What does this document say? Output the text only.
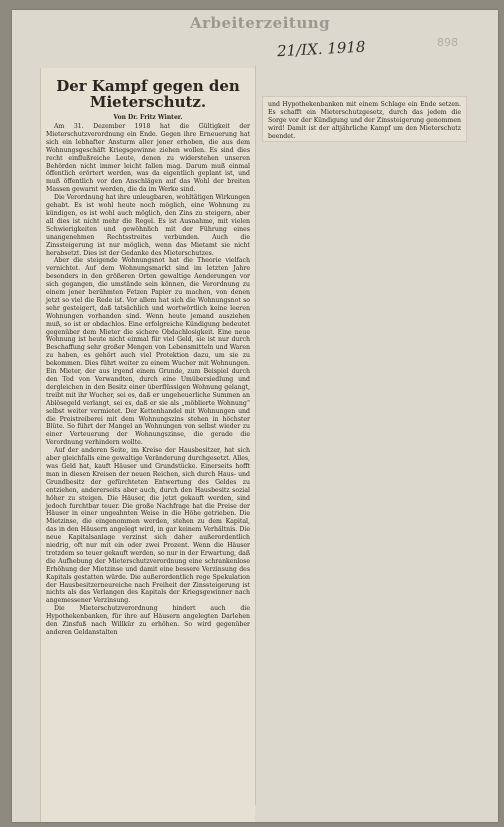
Arbeiterzeitung
21/IX. 1918	898
Der Kampf gegen den
Mieterschutz.
Von Dr. Fritz Winter.

Am 31. Dezember 1918 hat die Gültigkeit der Mieterschutzverordnung ein Ende. Gegen ihre Erneuerung hat sich ein lebhafter Ansturm aller jener erhoben, die aus dem Wohnungsgeschäft Kriegsgewinne ziehen wollen. Es sind dies recht einflußreiche Leute, denen zu widerstehen unseren Behörden nicht immer leicht fallen mag. Darum muß einmal öffentlich erörtert werden, was da eigentlich geplant ist, und muß öffentlich vor den Anschlägen auf das Wohl der breiten Massen gewarnt werden, die da im Werke sind.

Die Verordnung hat ihre unleugbaren, wohltätigen Wirkungen gehabt. Es ist wohl heute noch möglich, eine Wohnung zu kündigen, es ist wohl auch möglich, den Zins zu steigern, aber all dies ist nicht mehr die Regel. Es ist Ausnahme, mit vielen Schwierigkeiten und gewöhnlich mit der Führung eines unangenehmen Rechtsstreites verbunden. Auch die Zinssteigerung ist nur möglich, wenn das Mietamt sie nicht herabsetzt. Dies ist der Gedanke des Mieterschutzes.

Aber die steigende Wohnungsnot hat die Theorie vielfach vernichtet. Auf dem Wohnungsmarkt sind im letzten Jahre besonders in den größeren Orten gewaltige Aenderungen vor sich gegangen, die umstände sein können, die Verordnung zu einem jener berühmten Fetzen Papier zu machen, von denen jetzt so viel die Rede ist. Vor allem hat sich die Wohnungsnot so sehr gesteigert, daß tatsächlich und wortwörtlich keine leeren Wohnungen vorhanden sind. Wenn heute jemand ausziehen muß, so ist er obdachlos. Eine erfolgreiche Kündigung bedeutet gegenüber dem Mieter die sichere Obdachlosigkeit. Eine neue Wohnung ist heute nicht einmal für viel Geld, sie ist nur durch Beschaffung sehr großer Mengen von Lebensmitteln und Waren zu haben, es gehört auch viel Protektion dazu, um sie zu bekommen. Dies führt weiter zu einem Wucher mit Wohnungen. Ein Mieter, der aus irgend einem Grunde, zum Beispiel durch den Tod von Verwandten, durch eine Umübersiedlung und dergleichen in den Besitz einer überflüssigen Wohnung gelangt, treibt mit ihr Wucher, sei es, daß er ungeheuerliche Summen an Ablösegeld verlangt, sei es, daß er sie als „möblierte Wohnung“ selbst weiter vermietet. Der Kettenhandel mit Wohnungen und die Preistreiberei mit dem Wohnungszins stehen in höchster Blüte. So führt der Mangel an Wohnungen von selbst wieder zu einer Verteuerung der Wohnungszinse, die gerade die Verordnung verhindern wollte.

Auf der anderen Seite, im Kreise der Hausbesitzer, hat sich aber gleichfalls eine gewaltige Veränderung durchgesetzt. Alles, was Geld hat, kauft Häuser und Grundstücke. Einerseits hofft man in diesen Kreisen der neuen Reichen, sich durch Haus- und Grundbesitz der gefürchteten Entwertung des Geldes zu entziehen, andererseits aber auch, durch den Hausbesitz sozial höher zu steigen. Die Häuser, die jetzt gekauft werden, sind jedoch furchtbar teuer. Die große Nachfrage hat die Preise der Häuser in einer ungeahnten Weise in die Höhe getrieben. Die Mietzinse, die eingenommen werden, stehen zu dem Kapital, das in den Häusern angelegt wird, in gar keinem Verhältnis. Die neue Kapitalsanlage verzinst sich daher außerordentlich niedrig, oft nur mit ein oder zwei Prozent. Wenn die Häuser trotzdem so teuer gekauft werden, so nur in der Erwartung, daß die Aufhebung der Mieterschutzverordnung eine schrankenlose Erhöhung der Mietzinse und damit eine bessere Verzinsung des Kapitals gestatten würde. Die außerordentlich rege Spekulation der Hausbesitzerneureiche nach Freiheit der Zinssteigerung ist nichts als das Verlangen des Kapitals der Kriegsgewinner nach angemessener Verzinsung.

Die Mieterschutzverordnung hindert auch die Hypothekenbanken, für ihre auf Häusern angelegten Darlehen den Zinsfuß nach Willkür zu erhöhen. So wird gegenüber anderen Geldanstalten

und Hypothekenbanken mit einem Schlage ein Ende setzen. Es schafft ein Mieterschutzgesetz, durch das jedem die Sorge vor der Kündigung und der Zinssteigerung genommen wird! Damit ist der altjährliche Kampf um den Mieterschutz beendet.
